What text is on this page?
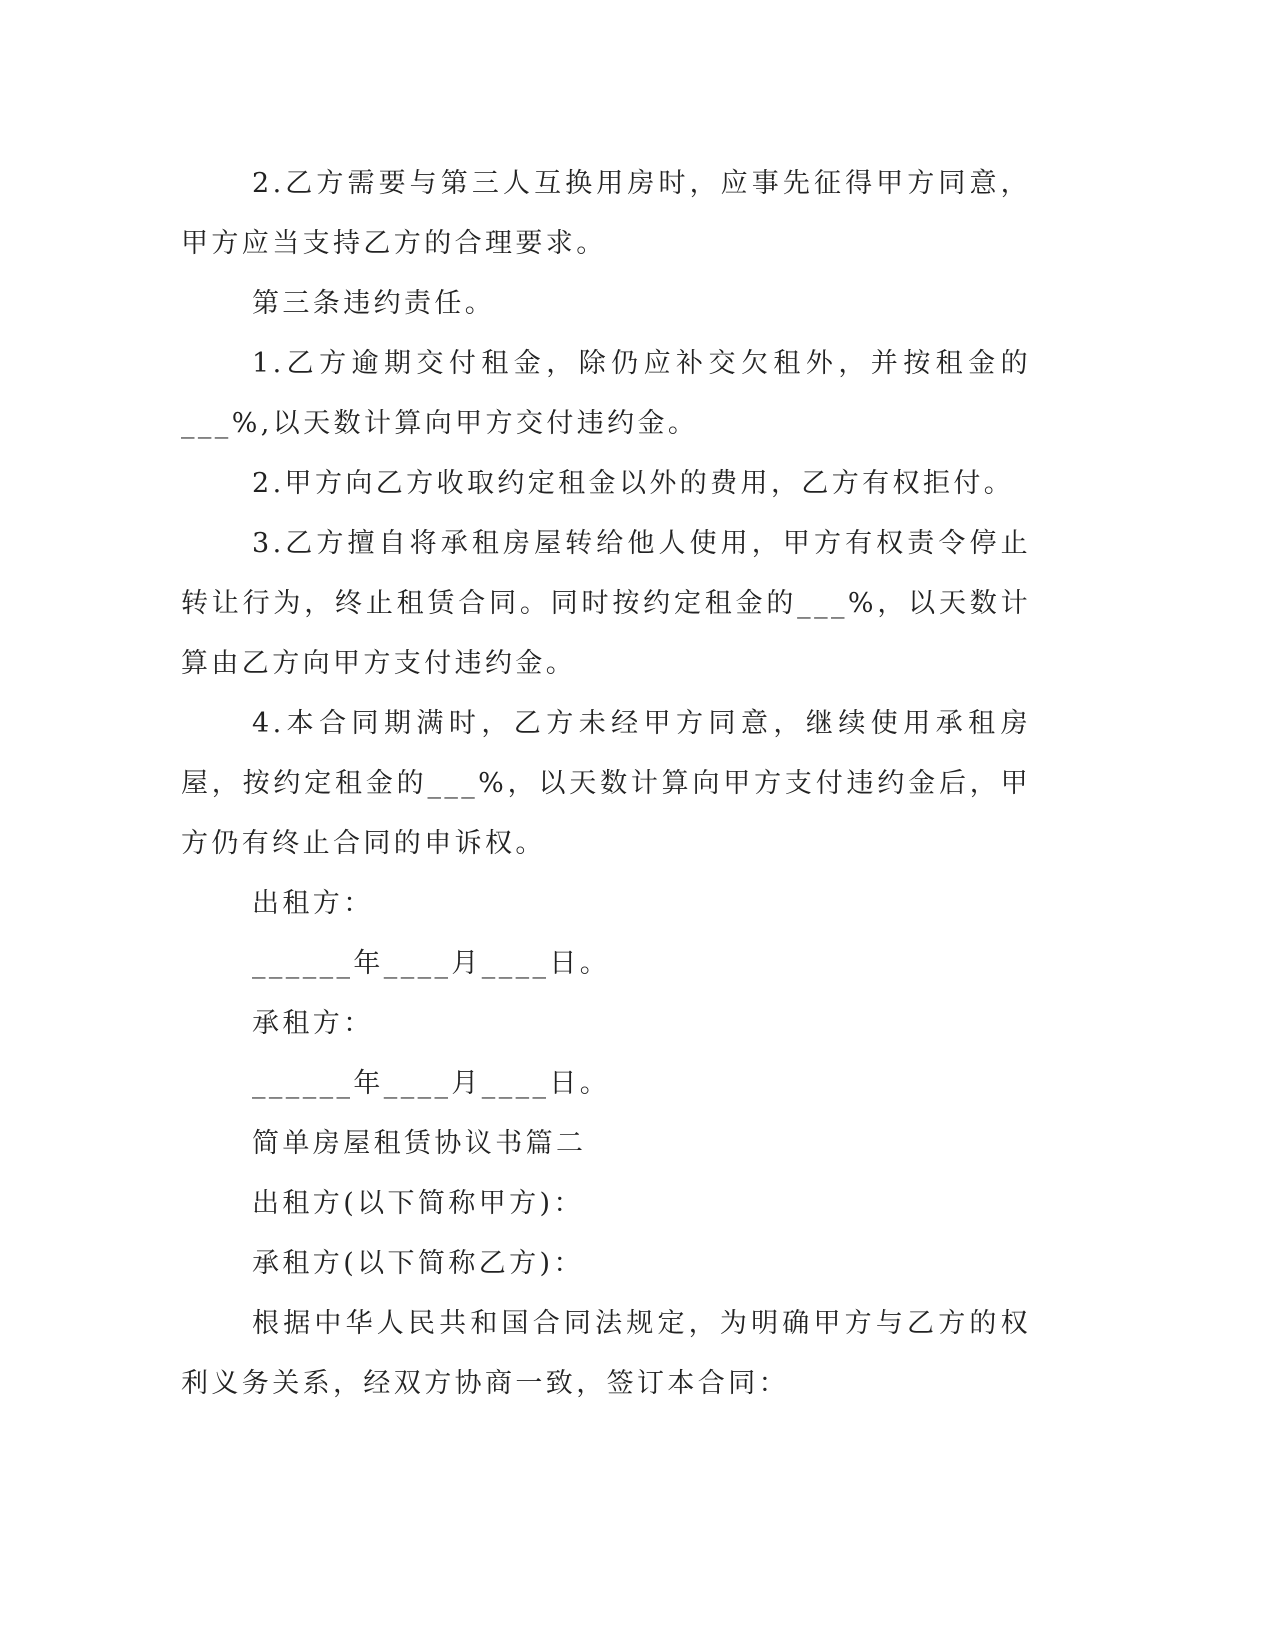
2.乙方需要与第三人互换用房时，应事先征得甲方同意，甲方应当支持乙方的合理要求。

第三条违约责任。

1.乙方逾期交付租金，除仍应补交欠租外，并按租金的___%,以天数计算向甲方交付违约金。

2.甲方向乙方收取约定租金以外的费用，乙方有权拒付。

3.乙方擅自将承租房屋转给他人使用，甲方有权责令停止转让行为，终止租赁合同。同时按约定租金的___%，以天数计算由乙方向甲方支付违约金。

4.本合同期满时，乙方未经甲方同意，继续使用承租房屋，按约定租金的___%，以天数计算向甲方支付违约金后，甲方仍有终止合同的申诉权。

出租方：

______年____月____日。

承租方：

______年____月____日。

简单房屋租赁协议书篇二

出租方(以下简称甲方)：

承租方(以下简称乙方)：

根据中华人民共和国合同法规定，为明确甲方与乙方的权利义务关系，经双方协商一致，签订本合同：
